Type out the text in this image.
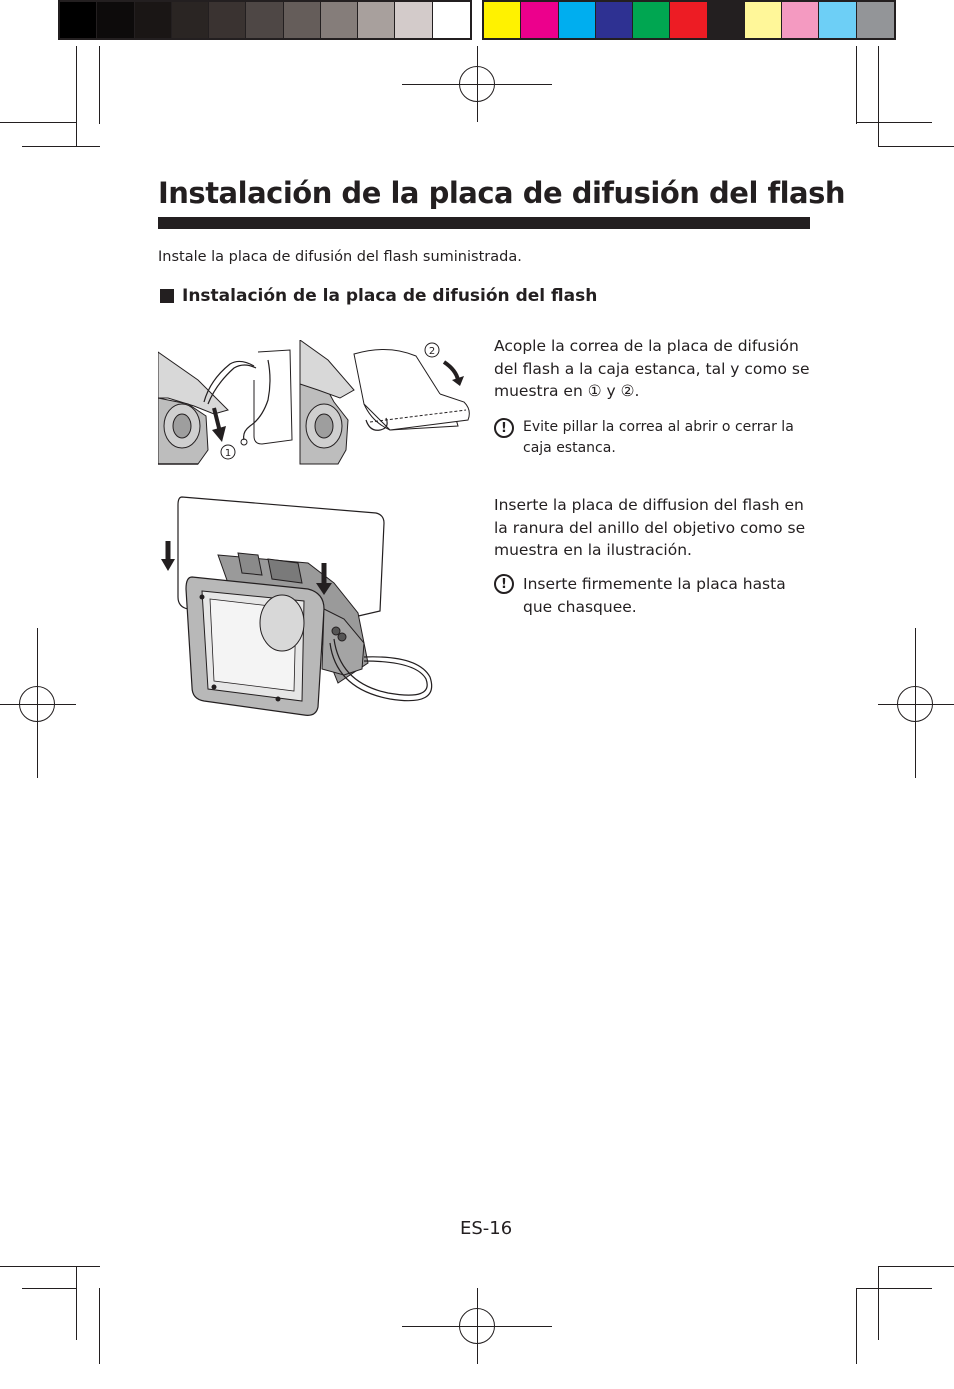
Instalación de la placa de difusión del flash
Instale la placa de difusión del flash suministrada.
Instalación de la placa de difusión del flash
1
2	Acople la correa de la placa de difusión del flash a la caja estanca, tal y como se muestra en ① y ②.
!	Evite pillar la correa al abrir o cerrar la caja estanca.
Inserte la placa de diffusion del flash en la ranura del anillo del objetivo como se muestra en la ilustración.
!	Inserte firmemente la placa hasta que chasquee.
ES-16
